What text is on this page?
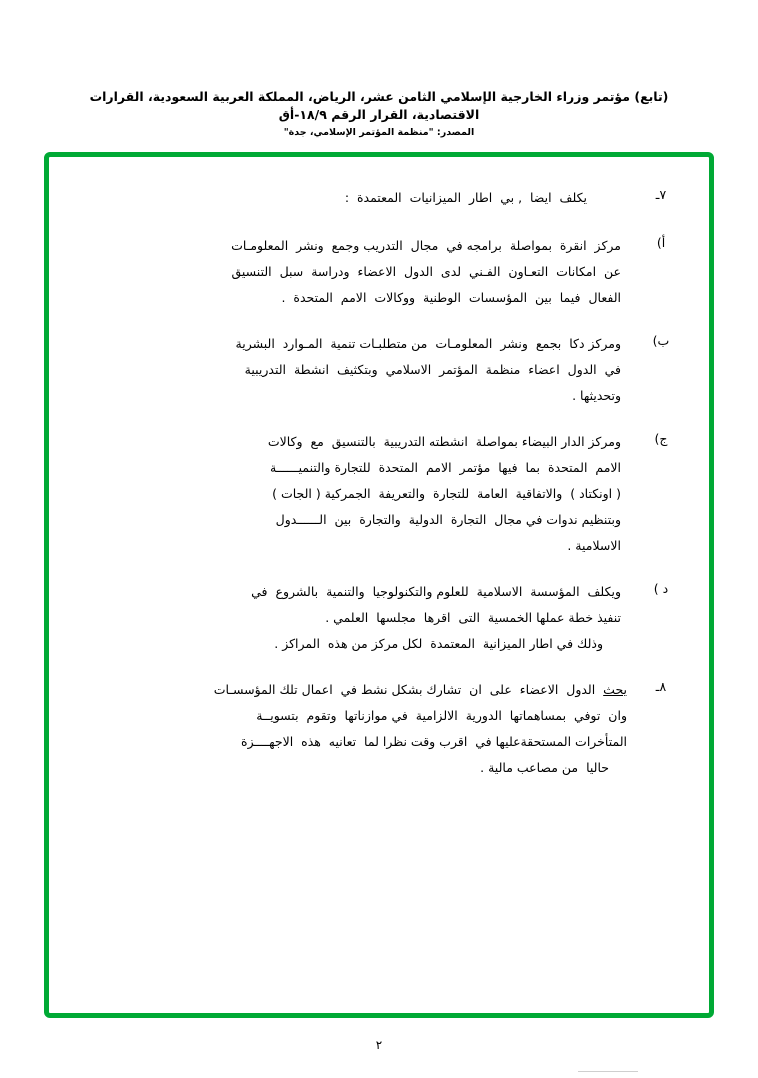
(تابع) مؤتمر وزراء الخارجية الإسلامي الثامن عشر، الرياض، المملكة العربية السعودية، القرارات الاقتصادية، القرار الرقم ١٨/٩-أق
المصدر: "منظمة المؤتمر الإسلامي، جدة"
٧ـ
يكلف  ايضا  , بي  اطار  الميزانيات  المعتمدة  :
أ)
مركز  انقرة  بمواصلة  برامجه في  مجال  التدريب وجمع  ونشر  المعلومـات
عن  امكانات  التعـاون  الفـني  لدى  الدول  الاعضاء  ودراسة  سبل  التنسيق
الفعال  فيما  بين  المؤسسات  الوطنية  ووكالات  الامم  المتحدة  .
ب)
ومركز دكا  بجمع  ونشر  المعلومـات  من متطلبـات تنمية  المـوارد  البشرية
في  الدول  اعضاء  منظمة  المؤتمر  الاسلامي  وبتكثيف  انشطة  التدريبية
وتحديثها .
ج)
ومركز الدار البيضاء بمواصلة  انشطته التدريبية  بالتنسيق  مع  وكالات
الامم  المتحدة  بما  فيها  مؤتمر  الامم  المتحدة  للتجارة والتنميــــــة
( اونكتاد )  والاتفاقية  العامة  للتجارة  والتعريفة  الجمركية ( الجات )
وبتنظيم ندوات في مجال  التجارة  الدولية  والتجارة  بين  الــــــدول
الاسلامية .
د )
ويكلف  المؤسسة  الاسلامية  للعلوم والتكنولوجيا  والتنمية  بالشروع  في
تنفيذ خطة عملها الخمسية  التى  اقرها  مجلسها  العلمي .
وذلك في اطار الميزانية  المعتمدة  لكل مركز من هذه  المراكز .
٨ـ
يحث  الدول  الاعضاء  على  ان  تشارك بشكل نشط في  اعمال تلك المؤسسـات
وان  توفي  بمساهماتها  الدورية  الالزامية  في موازناتها  وتقوم  بتسويــة
المتأخرات المستحقةعليها في  اقرب وقت نظرا لما  تعانيه  هذه  الاجهــــزة
حاليا  من مصاعب مالية .
٢
